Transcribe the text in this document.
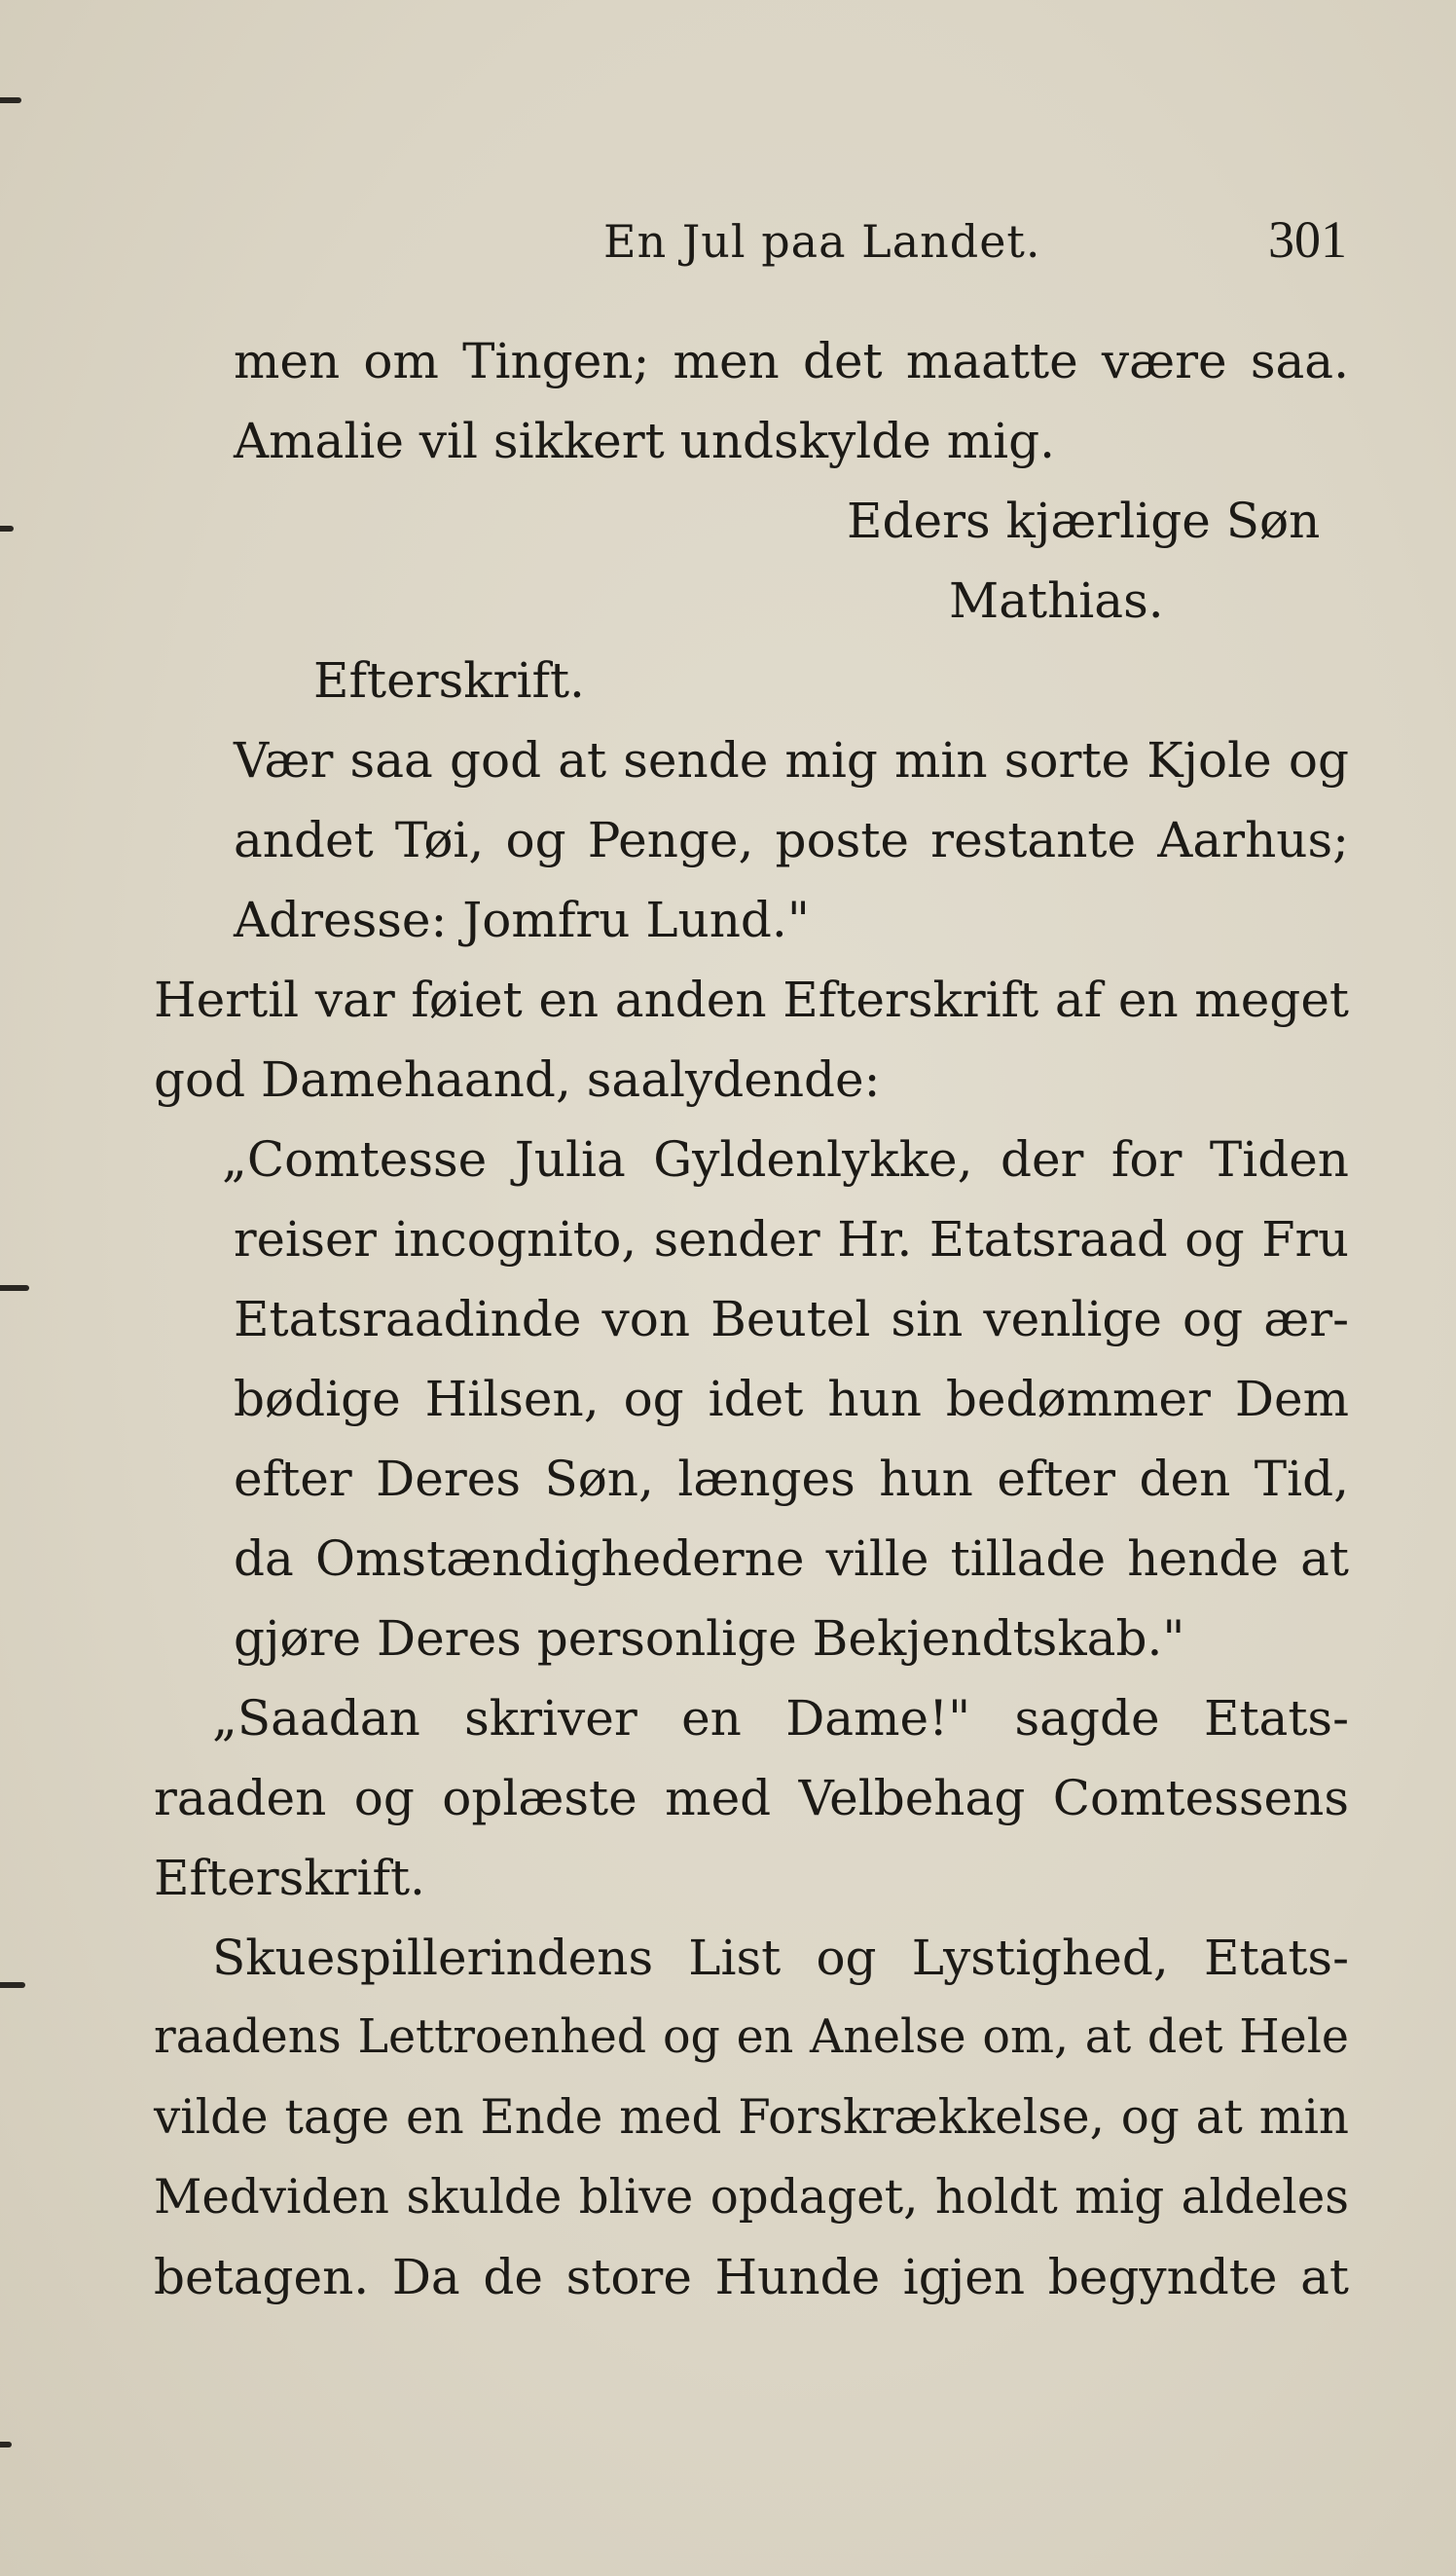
En Jul paa Landet.	301
men om Tingen; men det maatte være saa.
Amalie vil sikkert undskylde mig.
Eders kjærlige Søn
Mathias.
Efterskrift.
Vær saa god at sende mig min sorte Kjole og
andet Tøi, og Penge, poste restante Aarhus;
Adresse: Jomfru Lund."
Hertil var føiet en anden Efterskrift af en meget
god Damehaand, saalydende:
„Comtesse Julia Gyldenlykke, der for Tiden
reiser incognito, sender Hr. Etatsraad og Fru
Etatsraadinde von Beutel sin venlige og ær-
bødige Hilsen, og idet hun bedømmer Dem
efter Deres Søn, længes hun efter den Tid,
da Omstændighederne ville tillade hende at
gjøre Deres personlige Bekjendtskab."
„Saadan skriver en Dame!" sagde Etats-
raaden og oplæste med Velbehag Comtessens
Efterskrift.
Skuespillerindens List og Lystighed, Etats-
raadens Lettroenhed og en Anelse om, at det Hele
vilde tage en Ende med Forskrækkelse, og at min
Medviden skulde blive opdaget, holdt mig aldeles
betagen. Da de store Hunde igjen begyndte at
